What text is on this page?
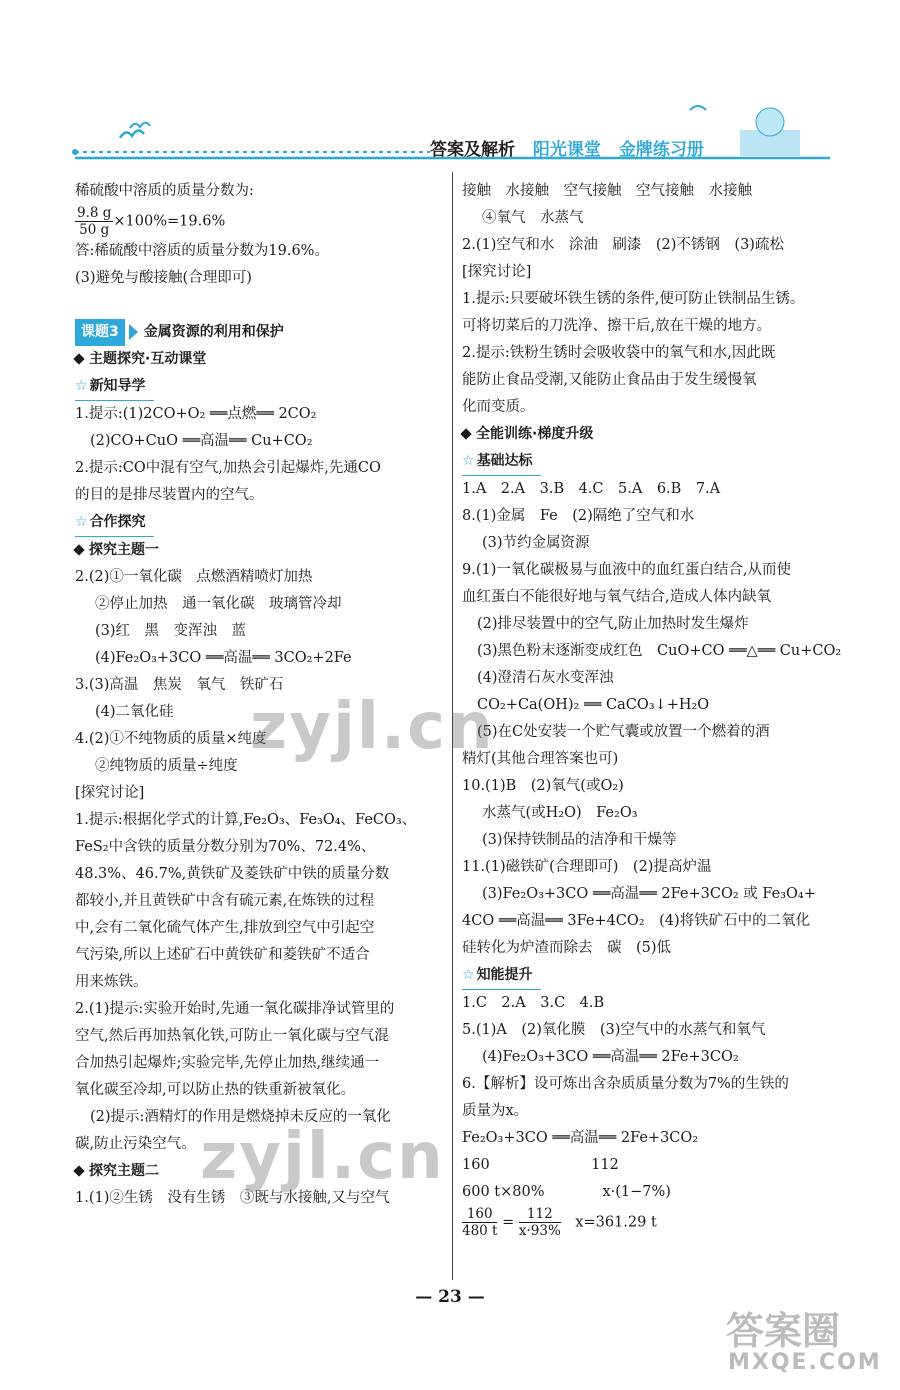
答案及解析 阳光课堂 金牌练习册
稀硫酸中溶质的质量分数为:
$\frac{9.8 g}{50 g} \times 100\%=19.6\%$
答:稀硫酸中溶质的质量分数为19.6%。
(3)避免与酸接触(合理即可)
课题3 金属资源的利用和保护
主题探究·互动课堂
☆ 新知导学
1.提示:(1)2CO+O₂ ══点燃══ 2CO₂
(2)CO+CuO ══高温══ Cu+CO₂
2.提示:CO中混有空气,加热会引起爆炸,先通CO
的目的是排尽装置内的空气。
☆ 合作探究
探究主题一
2.(2)①一氧化碳　点燃酒精喷灯加热
②停止加热　通一氧化碳　玻璃管冷却
(3)红　黑　变浑浊　蓝
(4)Fe₂O₃+3CO ══高温══ 3CO₂+2Fe
3.(3)高温　焦炭　氧气　铁矿石
(4)二氧化硅
4.(2)①不纯物质的质量×纯度
②纯物质的质量÷纯度
[探究讨论]
1.提示:根据化学式的计算,Fe₂O₃、Fe₃O₄、FeCO₃、
FeS₂中含铁的质量分数分别为70%、72.4%、
48.3%、46.7%,黄铁矿及菱铁矿中铁的质量分数
都较小,并且黄铁矿中含有硫元素,在炼铁的过程
中,会有二氧化硫气体产生,排放到空气中引起空
气污染,所以上述矿石中黄铁矿和菱铁矿不适合
用来炼铁。
2.(1)提示:实验开始时,先通一氧化碳排净试管里的
空气,然后再加热氧化铁,可防止一氧化碳与空气混
合加热引起爆炸;实验完毕,先停止加热,继续通一
氧化碳至冷却,可以防止热的铁重新被氧化。
(2)提示:酒精灯的作用是燃烧掉未反应的一氧化
碳,防止污染空气。
探究主题二
1.(1)②生锈　没有生锈　③既与水接触,又与空气
接触　水接触　空气接触　空气接触　水接触
④氧气　水蒸气
2.(1)空气和水　涂油　刷漆　(2)不锈钢　(3)疏松
[探究讨论]
1.提示:只要破坏铁生锈的条件,便可防止铁制品生锈。
可将切菜后的刀洗净、擦干后,放在干燥的地方。
2.提示:铁粉生锈时会吸收袋中的氧气和水,因此既
能防止食品受潮,又能防止食品由于发生缓慢氧
化而变质。
全能训练·梯度升级
☆ 基础达标
1.A　2.A　3.B　4.C　5.A　6.B　7.A
8.(1)金属　Fe　(2)隔绝了空气和水
(3)节约金属资源
9.(1)一氧化碳极易与血液中的血红蛋白结合,从而使
血红蛋白不能很好地与氧气结合,造成人体内缺氧
(2)排尽装置中的空气,防止加热时发生爆炸
(3)黑色粉末逐渐变成红色　CuO+CO ══△══ Cu+CO₂
(4)澄清石灰水变浑浊
CO₂+Ca(OH)₂ ══ CaCO₃↓+H₂O
(5)在C处安装一个贮气囊或放置一个燃着的酒
精灯(其他合理答案也可)
10.(1)B　(2)氧气(或O₂)
水蒸气(或H₂O)　Fe₂O₃
(3)保持铁制品的洁净和干燥等
11.(1)磁铁矿(合理即可)　(2)提高炉温
(3)Fe₂O₃+3CO ══高温══ 2Fe+3CO₂ 或 Fe₃O₄+
4CO ══高温══ 3Fe+4CO₂　(4)将铁矿石中的二氧化
硅转化为炉渣而除去　碳　(5)低
☆ 知能提升
1.C　2.A　3.C　4.B
5.(1)A　(2)氧化膜　(3)空气中的水蒸气和氧气
(4)Fe₂O₃+3CO ══高温══ 2Fe+3CO₂
6.【解析】设可炼出含杂质质量分数为7%的生铁的
质量为x。
Fe₂O₃+3CO ══高温══ 2Fe+3CO₂
160　　　　　　　112
600 t×80%　　　　x·(1−7%)
$\frac{160}{480 t} = \frac{112}{x\cdot 93\%}$ 　x=361.29 t
zyjl.cn
zyjl.cn
— 23 —
答案圈
MXQE.COM
